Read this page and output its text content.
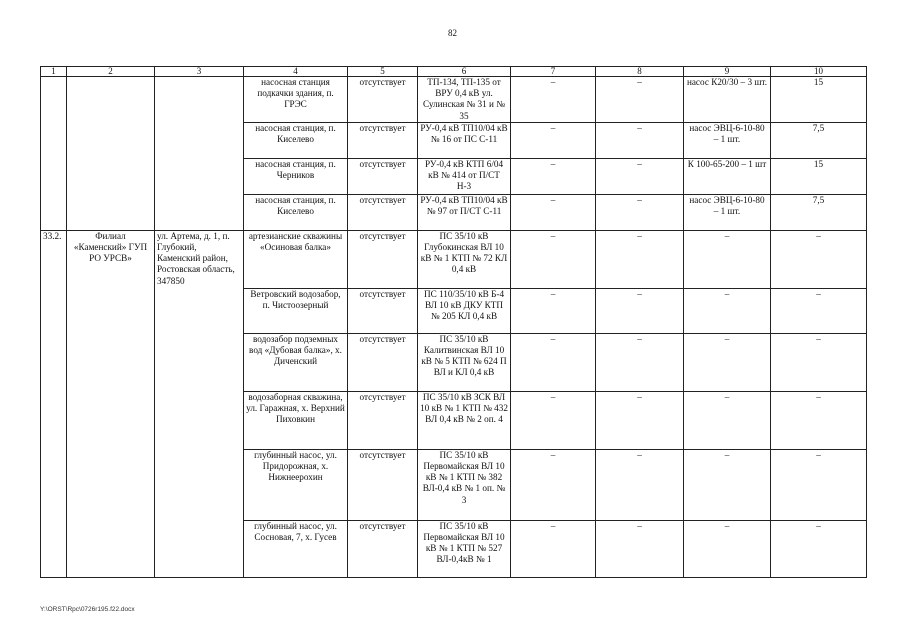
82
1	2	3	4	5	6	7	8	9	10
			насосная станция подкачки здания, п. ГРЭС	отсутствует	ТП-134, ТП-135 от ВРУ 0,4 кВ ул. Сулинская № 31 и № 35	–	–	насос К20/30 – 3 шт.	15
			насосная станция, п. Киселево	отсутствует	РУ-0,4 кВ ТП10/04 кВ № 16 от ПС С-11	–	–	насос ЭВЦ-6-10-80 – 1 шт.	7,5
			насосная станция, п. Черников	отсутствует	РУ-0,4 кВ КТП 6/04 кВ № 414 от П/СТ Н-3	–	–	К 100-65-200 – 1 шт	15
			насосная станция, п. Киселево	отсутствует	РУ-0,4 кВ ТП10/04 кВ № 97 от П/СТ С-11	–	–	насос ЭВЦ-6-10-80 – 1 шт.	7,5
33.2.	Филиал «Каменский» ГУП РО УРСВ»	ул. Артема, д. 1, п. Глубокий, Каменский район, Ростовская область, 347850	артезианские скважины «Осиновая балка»	отсутствует	ПС 35/10 кВ Глубокинская ВЛ 10 кВ № 1 КТП № 72 КЛ 0,4 кВ	–	–	–	–
			Ветровский водозабор, п. Чистоозерный	отсутствует	ПС 110/35/10 кВ Б-4 ВЛ 10 кВ ДКУ КТП № 205 КЛ 0,4 кВ	–	–	–	–
			водозабор подземных вод «Дубовая балка», х. Диченский	отсутствует	ПС 35/10 кВ Калитвинская ВЛ 10 кВ № 5 КТП № 624 П ВЛ и КЛ 0,4 кВ	–	–	–	–
			водозаборная скважина, ул. Гаражная, х. Верхний Пиховкин	отсутствует	ПС 35/10 кВ ЗСК ВЛ 10 кВ № 1 КТП № 432 ВЛ 0,4 кВ № 2 оп. 4	–	–	–	–
			глубинный насос, ул. Придорожная, х. Нижнеерохин	отсутствует	ПС 35/10 кВ Первомайская ВЛ 10 кВ № 1 КТП № 382 ВЛ-0,4 кВ № 1 оп. № 3	–	–	–	–
			глубинный насос, ул. Сосновая, 7, х. Гусев	отсутствует	ПС 35/10 кВ Первомайская ВЛ 10 кВ № 1 КТП № 527 ВЛ-0,4кВ № 1	–	–	–	–
Y:\ORST\Rpc\0726r195.f22.docx
